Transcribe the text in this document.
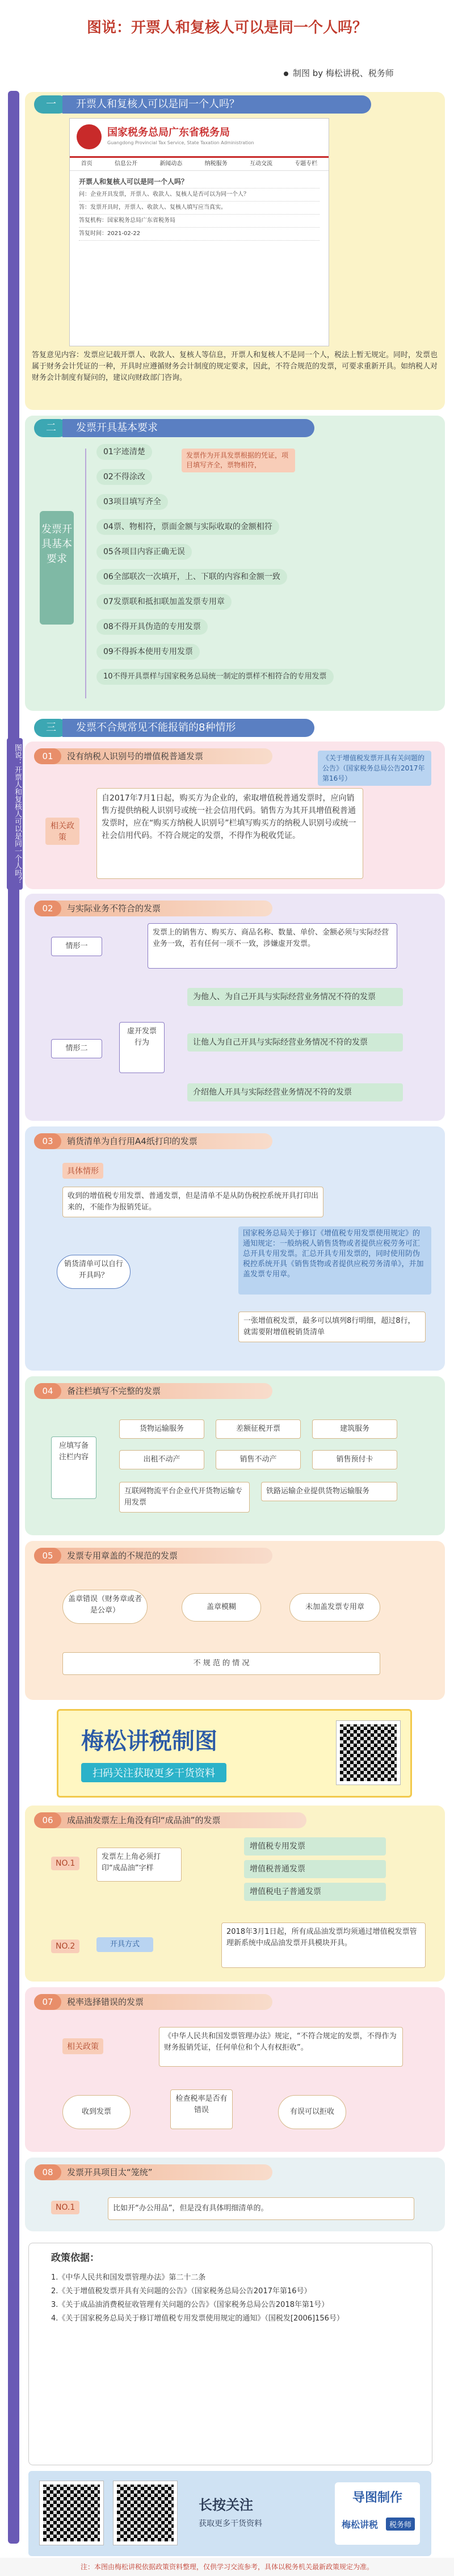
图说：开票人和复核人可以是同一个人吗？
制图 by 梅松讲税、税务师
图说：开票人和复核人可以是同一个人吗？
一	开票人和复核人可以是同一个人吗？
国家税务总局广东省税务局
Guangdong Provincial Tax Service, State Taxation Administration
首页	信息公开	新闻动态	纳税服务	互动交流	专题专栏
开票人和复核人可以是同一个人吗？
问：企业开具发票，开票人、收款人、复核人是否可以为同一个人？
答：发票开具时，开票人、收款人、复核人填写应当真实。
答复机构：国家税务总局广东省税务局
答复时间：2021-02-22
答复意见内容：发票应记载开票人、收款人、复核人等信息，开票人和复核人不是同一个人，税法上暂无规定。同时，发票也属于财务会计凭证的一种，开具时应遵循财务会计制度的规定要求，因此，不符合规范的发票，可要求重新开具。如纳税人对财务会计制度有疑问的，建议向财政部门咨询。
二	发票开具基本要求
发票开具基本要求
01字迹清楚
02不得涂改
03项目填写齐全
04票、物相符，票面金额与实际收取的金额相符
05各项目内容正确无误
06全部联次一次填开，上、下联的内容和金额一致
07发票联和抵扣联加盖发票专用章
08不得开具伪造的专用发票
09不得拆本使用专用发票
10不得开具票样与国家税务总局统一制定的票样不相符合的专用发票
发票作为开具发票根据的凭证，项目填写齐全，票物相符，
三	发票不合规常见不能报销的8种情形
01 没有纳税人识别号的增值税普通发票	《关于增值税发票开具有关问题的公告》（国家税务总局公告2017年第16号）
相关政策
自2017年7月1日起，购买方为企业的，索取增值税普通发票时，应向销售方提供纳税人识别号或统一社会信用代码。销售方为其开具增值税普通发票时，应在“购买方纳税人识别号”栏填写购买方的纳税人识别号或统一社会信用代码。不符合规定的发票，不得作为税收凭证。
02 与实际业务不符合的发票
情形一
发票上的销售方、购买方、商品名称、数量、单价、金额必须与实际经营业务一致，若有任何一项不一致，涉嫌虚开发票。
情形二
虚开发票行为
为他人、为自己开具与实际经营业务情况不符的发票
让他人为自己开具与实际经营业务情况不符的发票
介绍他人开具与实际经营业务情况不符的发票
03 销货清单为自行用A4纸打印的发票
具体情形
收到的增值税专用发票、普通发票，但是清单不是从防伪税控系统开具打印出来的，不能作为报销凭证。
销货清单可以自行开具吗？
国家税务总局关于修订《增值税专用发票使用规定》的通知规定：一般纳税人销售货物或者提供应税劳务可汇总开具专用发票。汇总开具专用发票的，同时使用防伪税控系统开具《销售货物或者提供应税劳务清单》，并加盖发票专用章。
一张增值税发票，最多可以填列8行明细，超过8行，就需要附增值税销货清单
04 备注栏填写不完整的发票
应填写备注栏内容
货物运输服务	差额征税开票	建筑服务
出租不动产	销售不动产	销售预付卡
互联网物流平台企业代开货物运输专用发票
铁路运输企业提供货物运输服务
05 发票专用章盖的不规范的发票
盖章错误（财务章或者是公章）	盖章模糊	未加盖发票专用章
不 规 范 的 情 况
梅松讲税制图
扫码关注获取更多干货资料
06 成品油发票左上角没有印“成品油”的发票
NO.1
发票左上角必须打印“成品油”字样
增值税专用发票
增值税普通发票
增值税电子普通发票
NO.2	开具方式
2018年3月1日起，所有成品油发票均须通过增值税发票管理新系统中成品油发票开具模块开具。
07 税率选择错误的发票
相关政策
《中华人民共和国发票管理办法》规定，“不符合规定的发票，不得作为财务报销凭证，任何单位和个人有权拒收”。
收到发票
检查税率是否有错误	有误可以拒收
08 发票开具项目太“笼统”
NO.1	比如开“办公用品”，但是没有具体明细清单的。
政策依据：
1.《中华人民共和国发票管理办法》第二十二条
2.《关于增值税发票开具有关问题的公告》（国家税务总局公告2017年第16号）
3.《关于成品油消费税征收管理有关问题的公告》（国家税务总局公告2018年第1号）
4.《关于国家税务总局关于修订增值税专用发票使用规定的通知》（国税发[2006]156号）
长按关注
获取更多干货资料
导图制作
梅松讲税	税务师
注：本图由梅松讲税依据政策资料整理，仅供学习交流参考，具体以税务机关最新政策规定为准。
